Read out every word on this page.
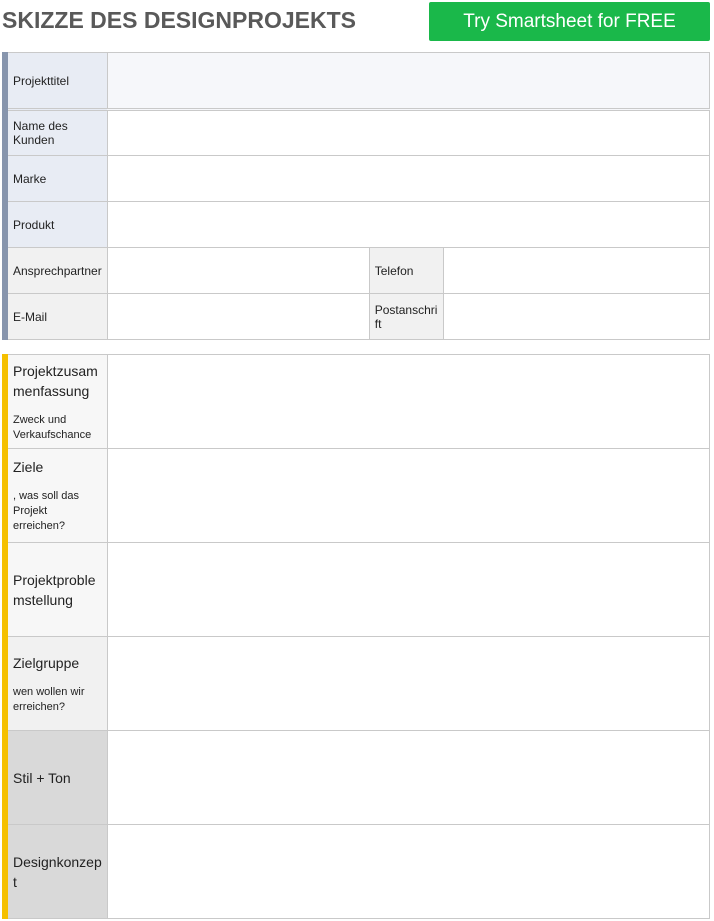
SKIZZE DES DESIGNPROJEKTS	Try Smartsheet for FREE
Projekttitel			
Name des Kunden			
Marke			
Produkt			
Ansprechpartner		Telefon	
E-Mail		Postanschrift	
Projektzusammenfassung
Zweck und Verkaufschance	

Ziele
, was soll das Projekt erreichen?	

Projektproblemstellung	

Zielgruppe
wen wollen wir erreichen?	

Stil + Ton	

Designkonzept	
